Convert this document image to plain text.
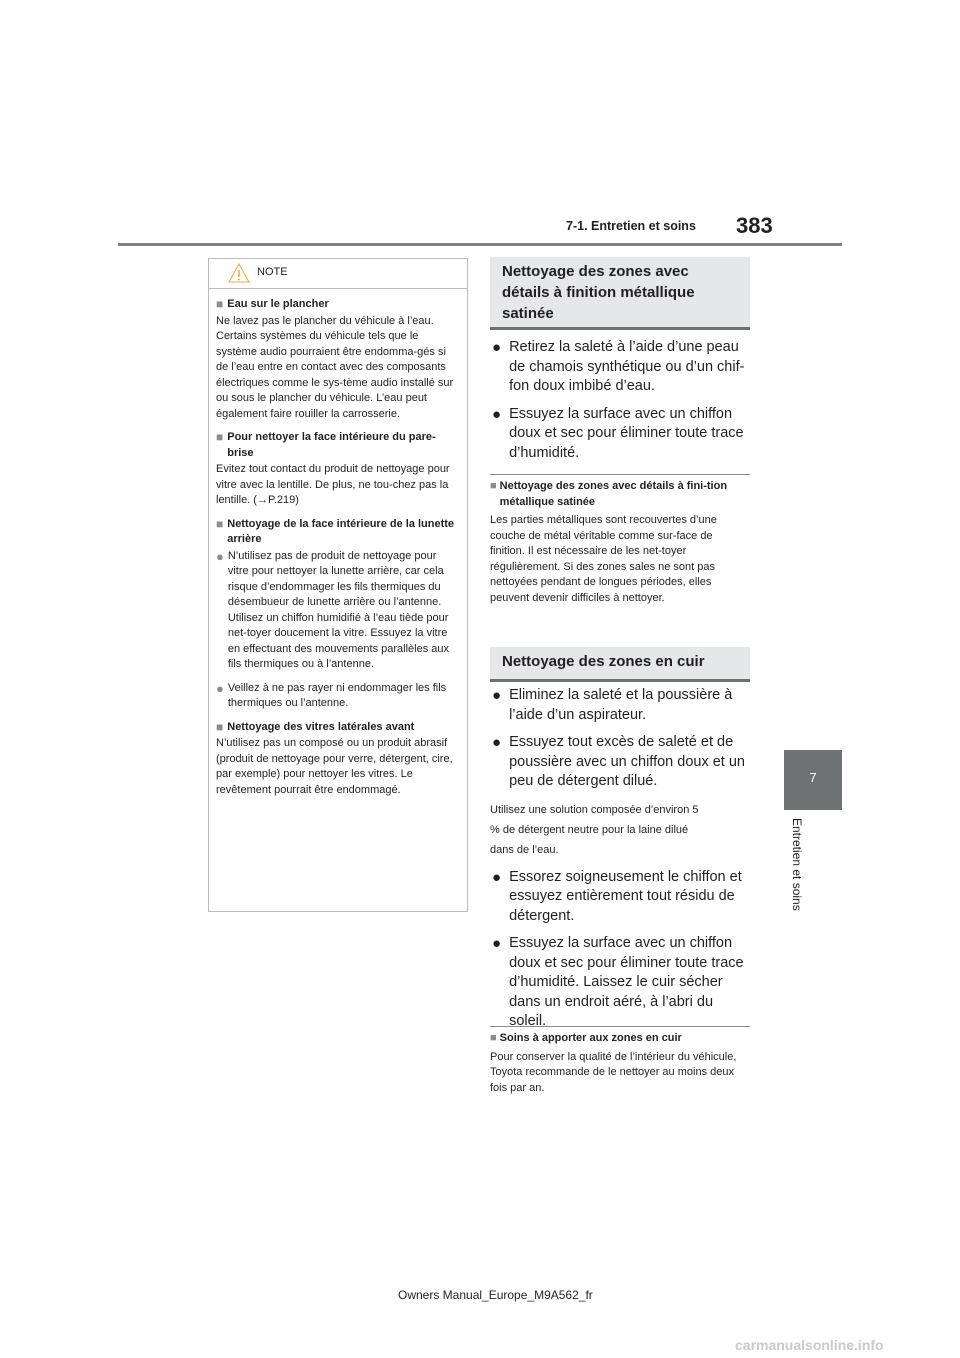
7-1. Entretien et soins 383
7
Entretien et soins
NOTE
■ Eau sur le plancher
Ne lavez pas le plancher du véhicule à l’eau.
Certains systèmes du véhicule tels que le système audio pourraient être endomma-gés si de l’eau entre en contact avec des composants électriques comme le sys-tème audio installé sur ou sous le plancher du véhicule. L’eau peut également faire rouiller la carrosserie.
■ Pour nettoyer la face intérieure du pare-brise
Evitez tout contact du produit de nettoyage pour vitre avec la lentille. De plus, ne tou-chez pas la lentille. (→P.219)
■ Nettoyage de la face intérieure de la lunette arrière
● N’utilisez pas de produit de nettoyage pour vitre pour nettoyer la lunette arrière, car cela risque d’endommager les fils thermiques du désembueur de lunette arrière ou l’antenne. Utilisez un chiffon humidifié à l’eau tiède pour net-toyer doucement la vitre. Essuyez la vitre en effectuant des mouvements parallèles aux fils thermiques ou à l’antenne.
● Veillez à ne pas rayer ni endommager les fils thermiques ou l’antenne.
■ Nettoyage des vitres latérales avant
N’utilisez pas un composé ou un produit abrasif (produit de nettoyage pour verre, détergent, cire, par exemple) pour nettoyer les vitres. Le revêtement pourrait être endommagé.
Nettoyage des zones avec détails à finition métallique satinée
● Retirez la saleté à l’aide d’une peau de chamois synthétique ou d’un chif-fon doux imbibé d’eau.
● Essuyez la surface avec un chiffon doux et sec pour éliminer toute trace d’humidité.
■ Nettoyage des zones avec détails à fini-tion métallique satinée
Les parties métalliques sont recouvertes d’une couche de métal véritable comme sur-face de finition. Il est nécessaire de les net-toyer régulièrement. Si des zones sales ne sont pas nettoyées pendant de longues périodes, elles peuvent devenir difficiles à nettoyer.
Nettoyage des zones en cuir
● Eliminez la saleté et la poussière à l’aide d’un aspirateur.
● Essuyez tout excès de saleté et de poussière avec un chiffon doux et un peu de détergent dilué.
Utilisez une solution composée d’environ 5
% de détergent neutre pour la laine dilué
dans de l’eau.
● Essorez soigneusement le chiffon et essuyez entièrement tout résidu de détergent.
● Essuyez la surface avec un chiffon doux et sec pour éliminer toute trace d’humidité. Laissez le cuir sécher dans un endroit aéré, à l’abri du soleil.
■ Soins à apporter aux zones en cuir
Pour conserver la qualité de l’intérieur du véhicule, Toyota recommande de le nettoyer au moins deux fois par an.
Owners Manual_Europe_M9A562_fr
carmanualsonline.info
